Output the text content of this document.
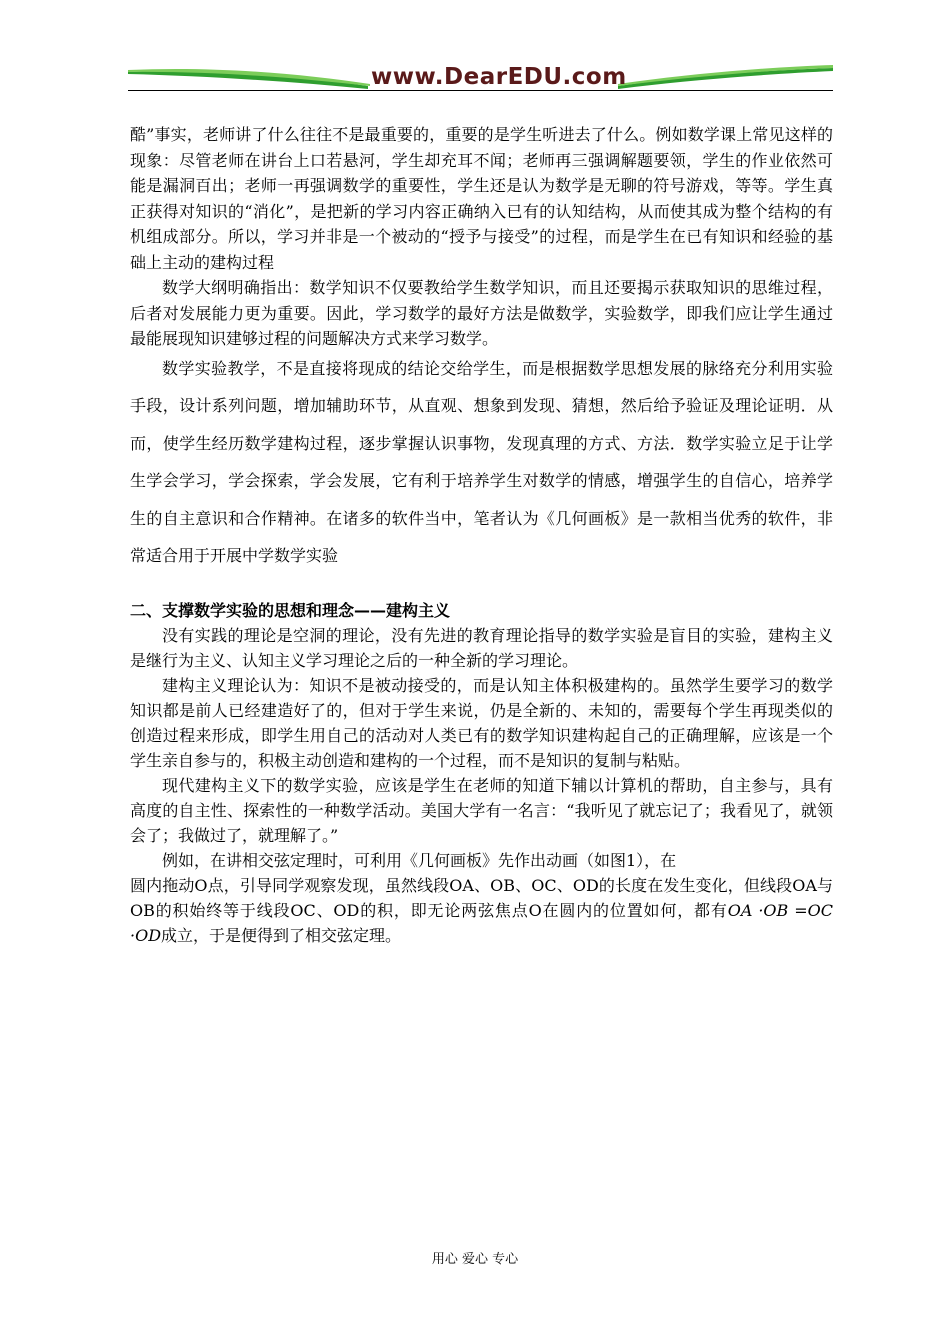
www.DearEDU.com

酷”事实，老师讲了什么往往不是最重要的，重要的是学生听进去了什么。例如数学课上常见这样的现象：尽管老师在讲台上口若悬河，学生却充耳不闻；老师再三强调解题要领，学生的作业依然可能是漏洞百出；老师一再强调数学的重要性，学生还是认为数学是无聊的符号游戏，等等。学生真正获得对知识的“消化”，是把新的学习内容正确纳入已有的认知结构，从而使其成为整个结构的有机组成部分。所以，学习并非是一个被动的“授予与接受”的过程，而是学生在已有知识和经验的基础上主动的建构过程

数学大纲明确指出：数学知识不仅要教给学生数学知识，而且还要揭示获取知识的思维过程，后者对发展能力更为重要。因此，学习数学的最好方法是做数学，实验数学，即我们应让学生通过最能展现知识建够过程的问题解决方式来学习数学。

数学实验教学，不是直接将现成的结论交给学生，而是根据数学思想发展的脉络充分利用实验手段，设计系列问题，增加辅助环节，从直观、想象到发现、猜想，然后给予验证及理论证明．从而，使学生经历数学建构过程，逐步掌握认识事物，发现真理的方式、方法．数学实验立足于让学生学会学习，学会探索，学会发展，它有利于培养学生对数学的情感，增强学生的自信心，培养学生的自主意识和合作精神。在诸多的软件当中，笔者认为《几何画板》是一款相当优秀的软件，非常适合用于开展中学数学实验

二、支撑数学实验的思想和理念——建构主义

没有实践的理论是空洞的理论，没有先进的教育理论指导的数学实验是盲目的实验，建构主义是继行为主义、认知主义学习理论之后的一种全新的学习理论。

建构主义理论认为：知识不是被动接受的，而是认知主体积极建构的。虽然学生要学习的数学知识都是前人已经建造好了的，但对于学生来说，仍是全新的、未知的，需要每个学生再现类似的创造过程来形成，即学生用自己的活动对人类已有的数学知识建构起自己的正确理解，应该是一个学生亲自参与的，积极主动创造和建构的一个过程，而不是知识的复制与粘贴。

现代建构主义下的数学实验，应该是学生在老师的知道下辅以计算机的帮助，自主参与，具有高度的自主性、探索性的一种数学活动。美国大学有一名言：“我听见了就忘记了；我看见了，就领会了；我做过了，就理解了。”

例如，在讲相交弦定理时，可利用《几何画板》先作出动画（如图1），在

圆内拖动O点，引导同学观察发现，虽然线段OA、OB、OC、OD的长度在发生变化，但线段OA与OB的积始终等于线段OC、OD的积，即无论两弦焦点O在圆内的位置如何，都有OA ·OB =OC ·OD成立，于是便得到了相交弦定理。

用心 爱心 专心
